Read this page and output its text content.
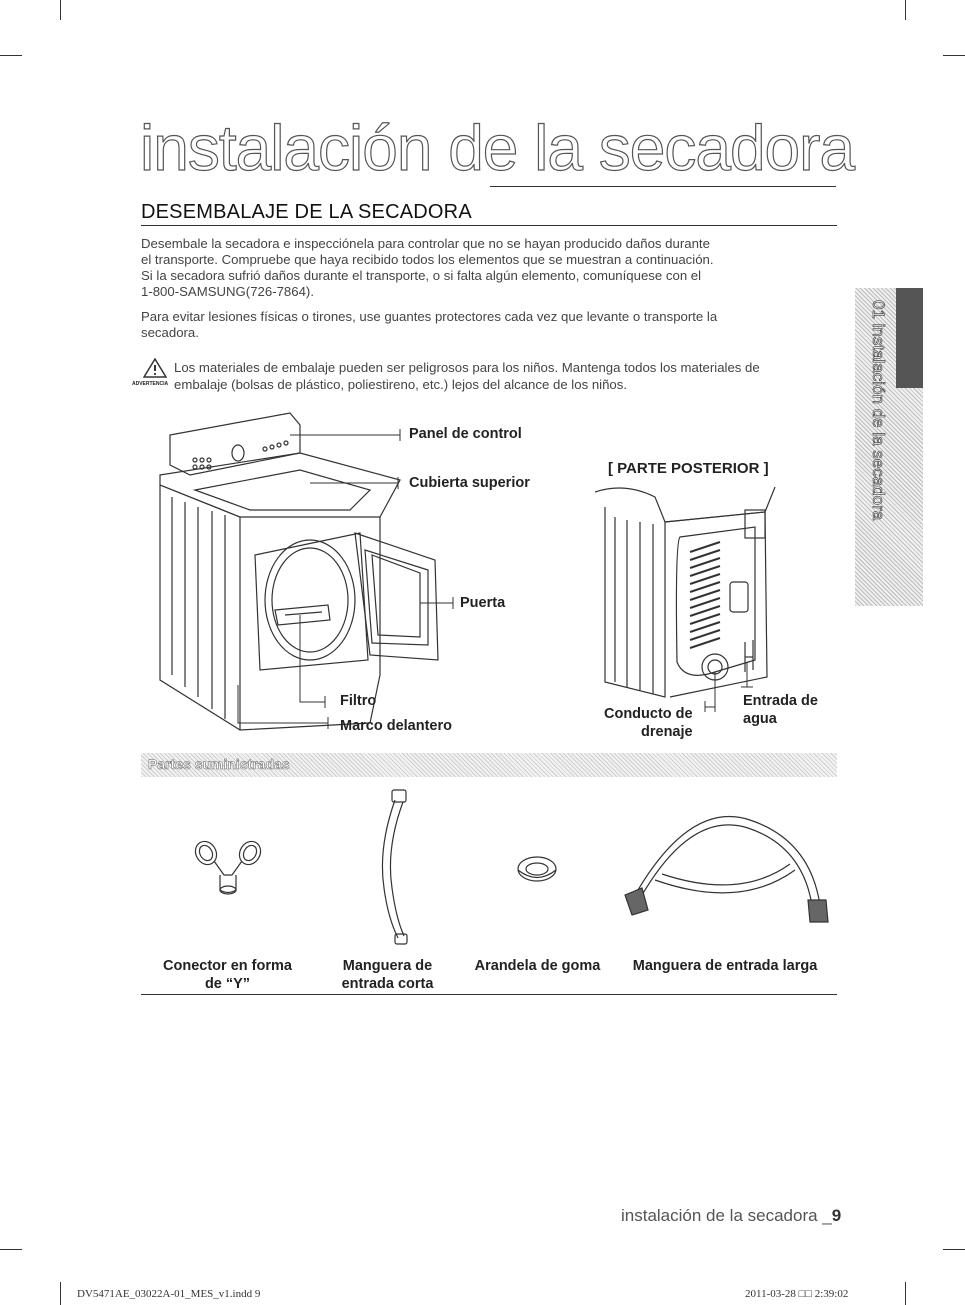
instalación de la secadora
DESEMBALAJE DE LA SECADORA
Desembale la secadora e inspecciónela para controlar que no se hayan producido daños durante
el transporte. Compruebe que haya recibido todos los elementos que se muestran a continuación.
Si la secadora sufrió daños durante el transporte, o si falta algún elemento, comuníquese con el
1-800-SAMSUNG(726-7864).
Para evitar lesiones físicas o tirones, use guantes protectores cada vez que levante o transporte la
secadora.
ADVERTENCIA
Los materiales de embalaje pueden ser peligrosos para los niños. Mantenga todos los materiales de
embalaje (bolsas de plástico, poliestireno, etc.) lejos del alcance de los niños.
Panel de control
Cubierta superior
Puerta
Filtro
Marco delantero
[ PARTE POSTERIOR ]
Conducto de
drenaje
Entrada de
agua
Partes suministradas
Conector en forma
de “Y”
Manguera de
entrada corta
Arandela de goma	Manguera de entrada larga
01 instalación de la secadora
instalación de la secadora _9
DV5471AE_03022A-01_MES_v1.indd 9	2011-03-28 □□ 2:39:02
